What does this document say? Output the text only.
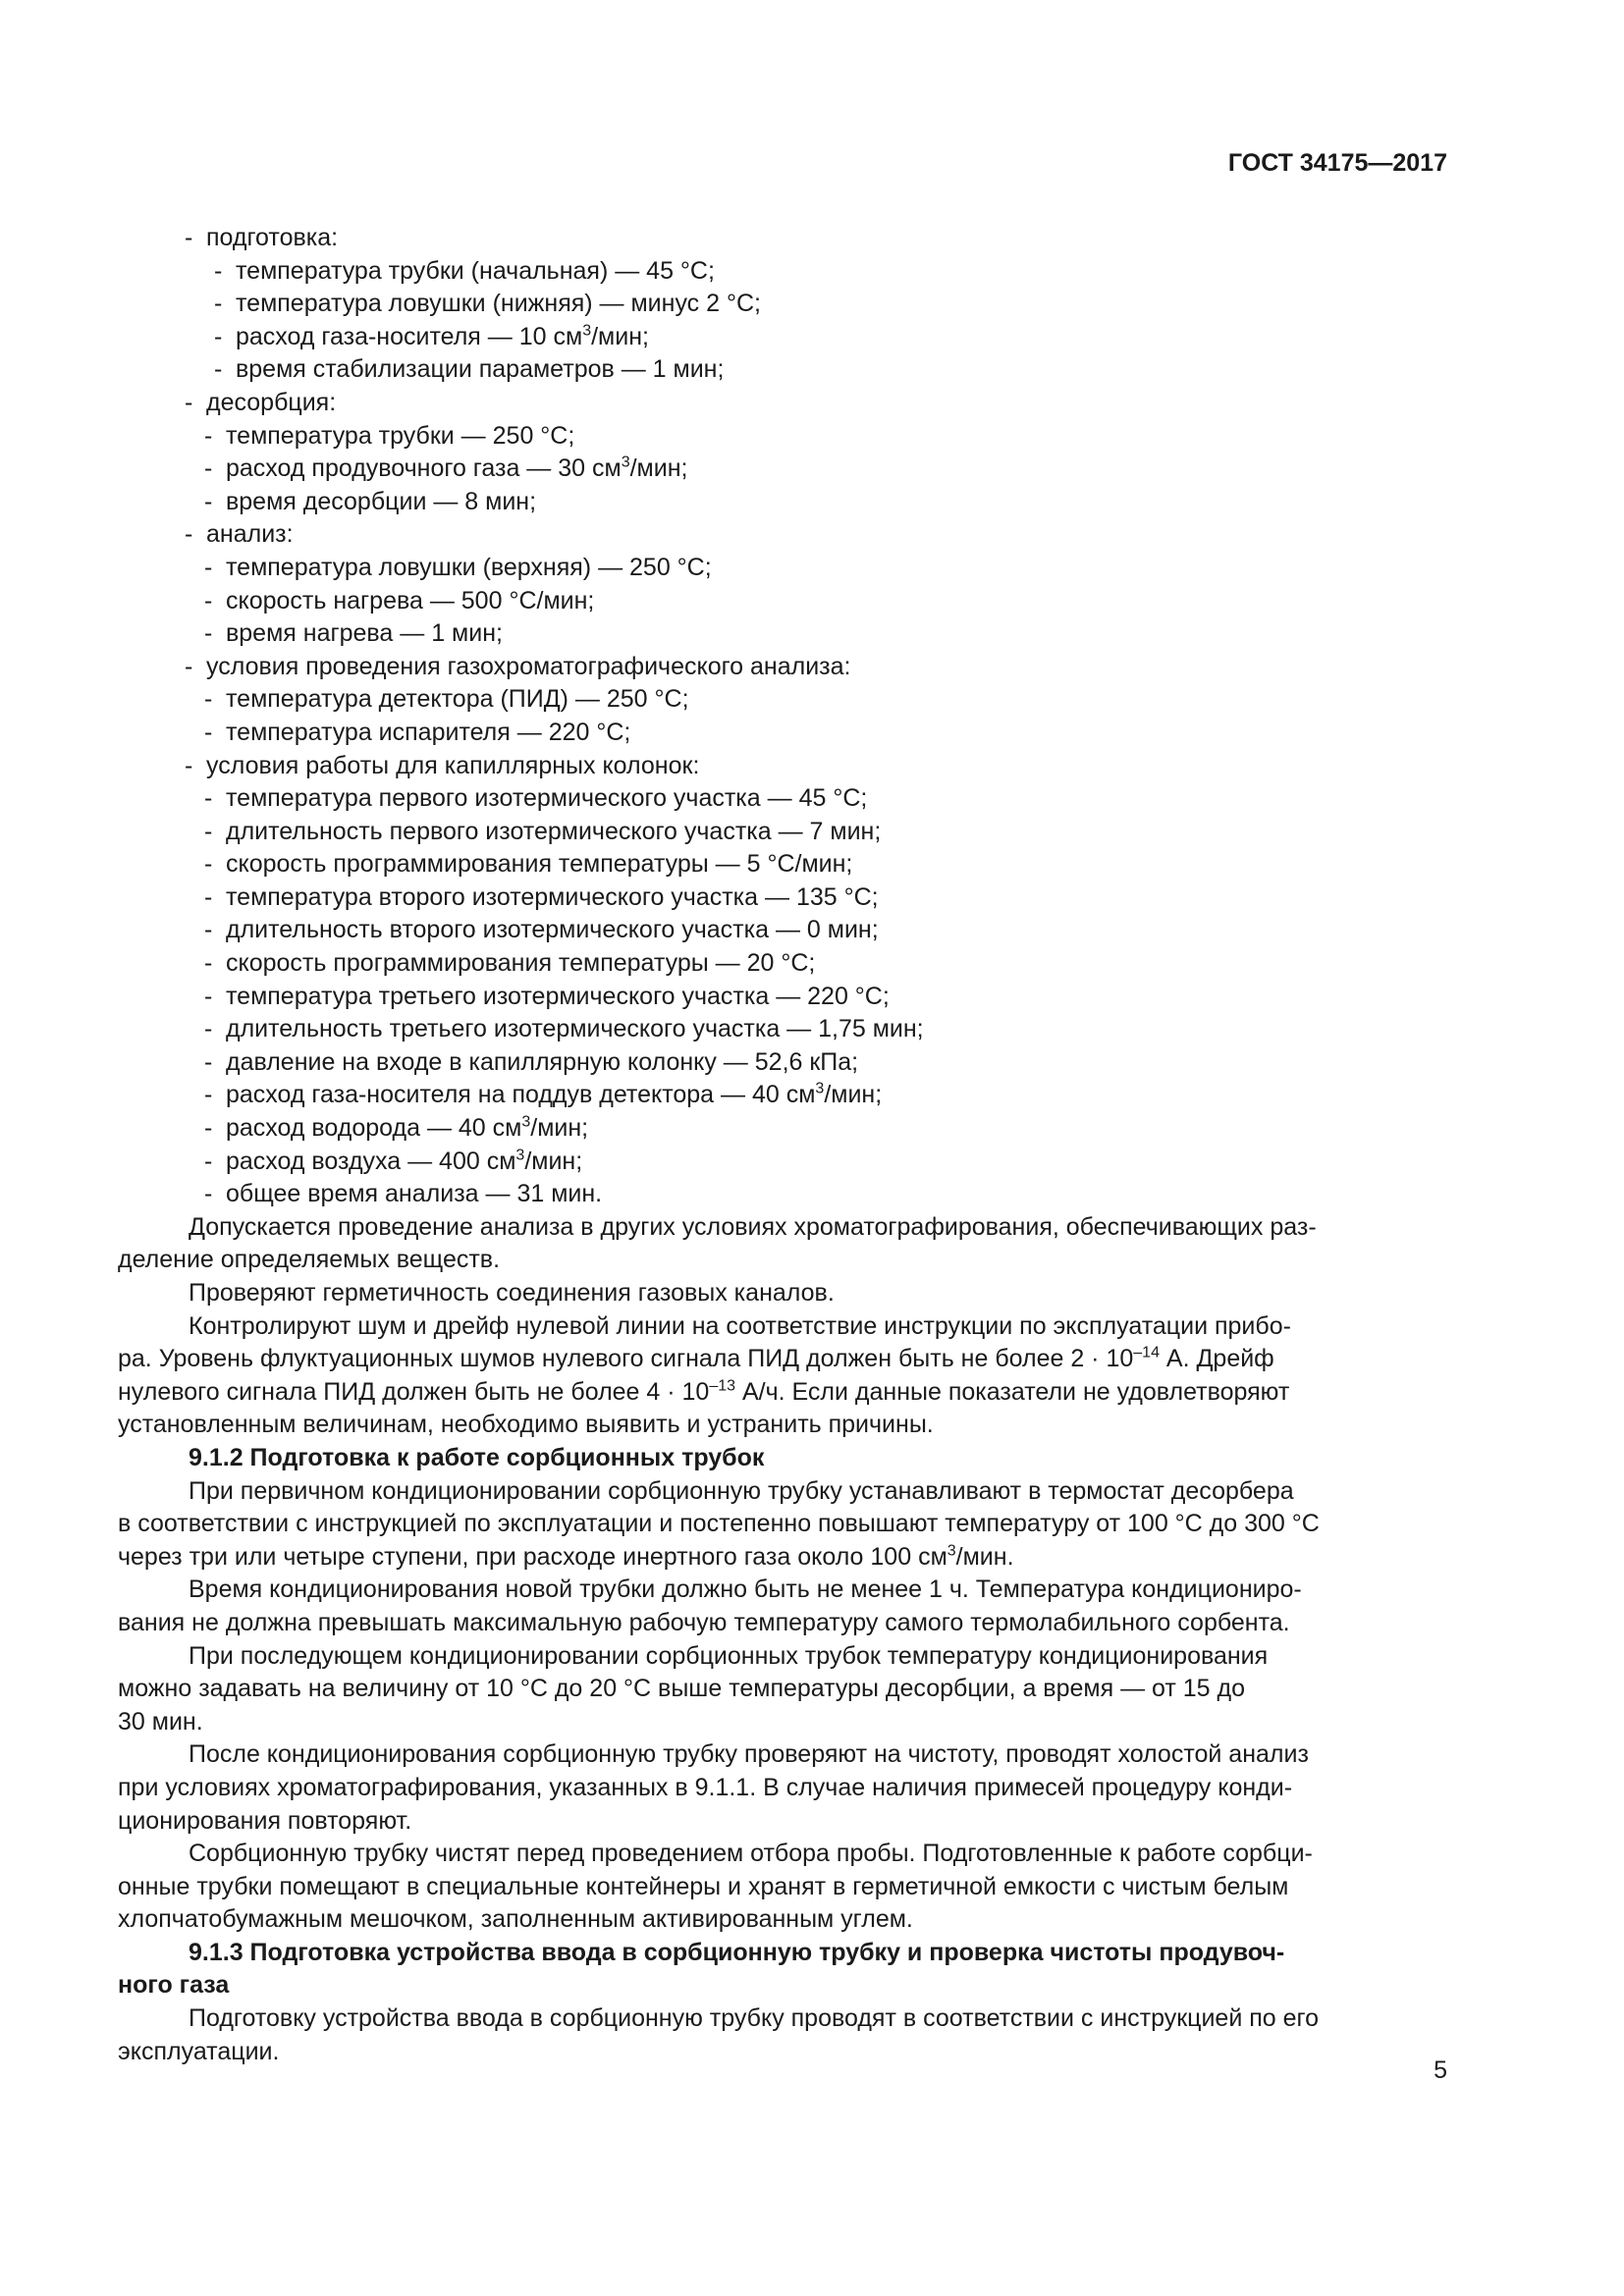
ГОСТ 34175—2017

- подготовка:

- температура трубки (начальная) — 45 °С;

- температура ловушки (нижняя) — минус 2 °С;

- расход газа-носителя — 10 $см^3$/мин;

- время стабилизации параметров — 1 мин;

- десорбция:

- температура трубки — 250 °С;

- расход продувочного газа — 30 $см^3$/мин;

- время десорбции — 8 мин;

- анализ:

- температура ловушки (верхняя) — 250 °С;

- скорость нагрева — 500 °С/мин;

- время нагрева — 1 мин;

- условия проведения газохроматографического анализа:

- температура детектора (ПИД) — 250 °С;

- температура испарителя — 220 °С;

- условия работы для капиллярных колонок:

- температура первого изотермического участка — 45 °С;

- длительность первого изотермического участка — 7 мин;

- скорость программирования температуры — 5 °С/мин;

- температура второго изотермического участка — 135 °С;

- длительность второго изотермического участка — 0 мин;

- скорость программирования температуры — 20 °С;

- температура третьего изотермического участка — 220 °С;

- длительность третьего изотермического участка — 1,75 мин;

- давление на входе в капиллярную колонку — 52,6 кПа;

- расход газа-носителя на поддув детектора — 40 $см^3$/мин;

- расход водорода — 40 $см^3$/мин;

- расход воздуха — 400 $см^3$/мин;

- общее время анализа — 31 мин.

Допускается проведение анализа в других условиях хроматографирования, обеспечивающих раз-

деление определяемых веществ.

Проверяют герметичность соединения газовых каналов.

Контролируют шум и дрейф нулевой линии на соответствие инструкции по эксплуатации прибо-

ра. Уровень флуктуационных шумов нулевого сигнала ПИД должен быть не более $2 \cdot 10^{-14}$ А. Дрейф

нулевого сигнала ПИД должен быть не более $4 \cdot 10^{-13}$ А/ч. Если данные показатели не удовлетворяют

установленным величинам, необходимо выявить и устранить причины.

9.1.2 Подготовка к работе сорбционных трубок

При первичном кондиционировании сорбционную трубку устанавливают в термостат десорбера

в соответствии с инструкцией по эксплуатации и постепенно повышают температуру от 100 °С до 300 °С

через три или четыре ступени, при расходе инертного газа около 100 $см^3$/мин.

Время кондиционирования новой трубки должно быть не менее 1 ч. Температура кондициониро-

вания не должна превышать максимальную рабочую температуру самого термолабильного сорбента.

При последующем кондиционировании сорбционных трубок температуру кондиционирования

можно задавать на величину от 10 °С до 20 °С выше температуры десорбции, а время — от 15 до

30 мин.

После кондиционирования сорбционную трубку проверяют на чистоту, проводят холостой анализ

при условиях хроматографирования, указанных в 9.1.1. В случае наличия примесей процедуру конди-

ционирования повторяют.

Сорбционную трубку чистят перед проведением отбора пробы. Подготовленные к работе сорбци-

онные трубки помещают в специальные контейнеры и хранят в герметичной емкости с чистым белым

хлопчатобумажным мешочком, заполненным активированным углем.

9.1.3 Подготовка устройства ввода в сорбционную трубку и проверка чистоты продувоч-

ного газа

Подготовку устройства ввода в сорбционную трубку проводят в соответствии с инструкцией по его

эксплуатации.

5
